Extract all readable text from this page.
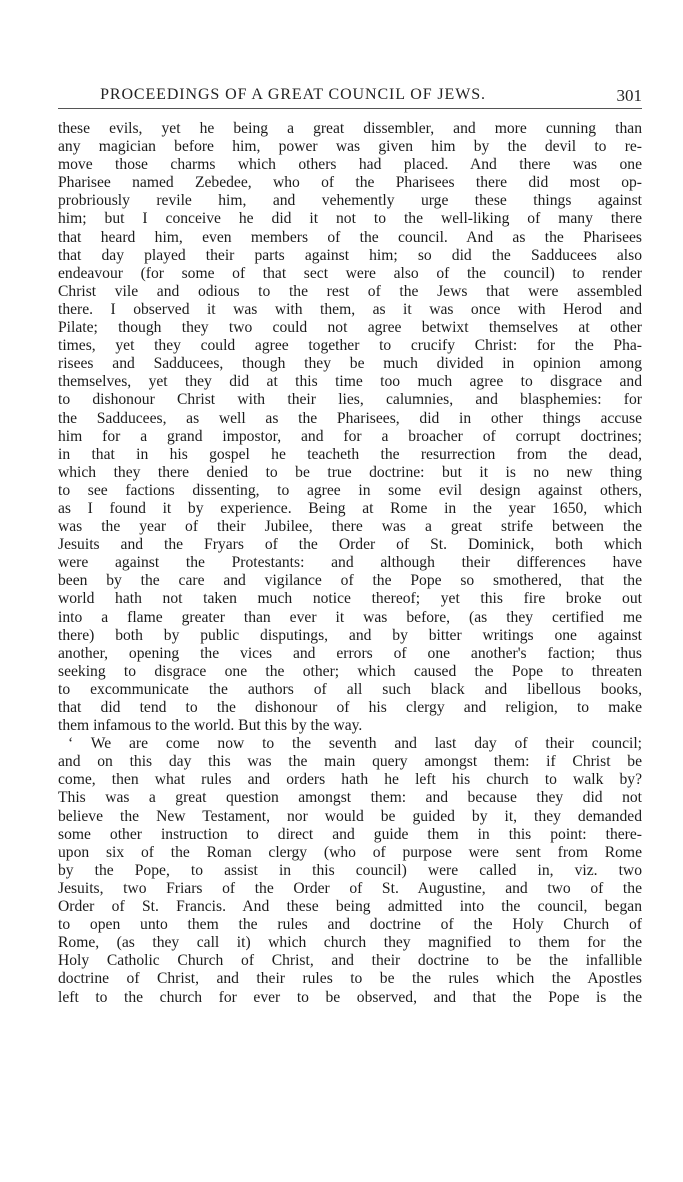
PROCEEDINGS OF A GREAT COUNCIL OF JEWS.	301
these evils, yet he being a great dissembler, and more cunning than
any magician before him, power was given him by the devil to re-
move those charms which others had placed. And there was one
Pharisee named Zebedee, who of the Pharisees there did most op-
probriously revile him, and vehemently urge these things against
him; but I conceive he did it not to the well-liking of many there
that heard him, even members of the council. And as the Pharisees
that day played their parts against him; so did the Sadducees also
endeavour (for some of that sect were also of the council) to render
Christ vile and odious to the rest of the Jews that were assembled
there. I observed it was with them, as it was once with Herod and
Pilate; though they two could not agree betwixt themselves at other
times, yet they could agree together to crucify Christ: for the Pha-
risees and Sadducees, though they be much divided in opinion among
themselves, yet they did at this time too much agree to disgrace and
to dishonour Christ with their lies, calumnies, and blasphemies: for
the Sadducees, as well as the Pharisees, did in other things accuse
him for a grand impostor, and for a broacher of corrupt doctrines;
in that in his gospel he teacheth the resurrection from the dead,
which they there denied to be true doctrine: but it is no new thing
to see factions dissenting, to agree in some evil design against others,
as I found it by experience. Being at Rome in the year 1650, which
was the year of their Jubilee, there was a great strife between the
Jesuits and the Fryars of the Order of St. Dominick, both which
were against the Protestants: and although their differences have
been by the care and vigilance of the Pope so smothered, that the
world hath not taken much notice thereof; yet this fire broke out
into a flame greater than ever it was before, (as they certified me
there) both by public disputings, and by bitter writings one against
another, opening the vices and errors of one another's faction; thus
seeking to disgrace one the other; which caused the Pope to threaten
to excommunicate the authors of all such black and libellous books,
that did tend to the dishonour of his clergy and religion, to make
them infamous to the world. But this by the way.
‘ We are come now to the seventh and last day of their council;
and on this day this was the main query amongst them: if Christ be
come, then what rules and orders hath he left his church to walk by?
This was a great question amongst them: and because they did not
believe the New Testament, nor would be guided by it, they demanded
some other instruction to direct and guide them in this point: there-
upon six of the Roman clergy (who of purpose were sent from Rome
by the Pope, to assist in this council) were called in, viz. two
Jesuits, two Friars of the Order of St. Augustine, and two of the
Order of St. Francis. And these being admitted into the council, began
to open unto them the rules and doctrine of the Holy Church of
Rome, (as they call it) which church they magnified to them for the
Holy Catholic Church of Christ, and their doctrine to be the infallible
doctrine of Christ, and their rules to be the rules which the Apostles
left to the church for ever to be observed, and that the Pope is the
